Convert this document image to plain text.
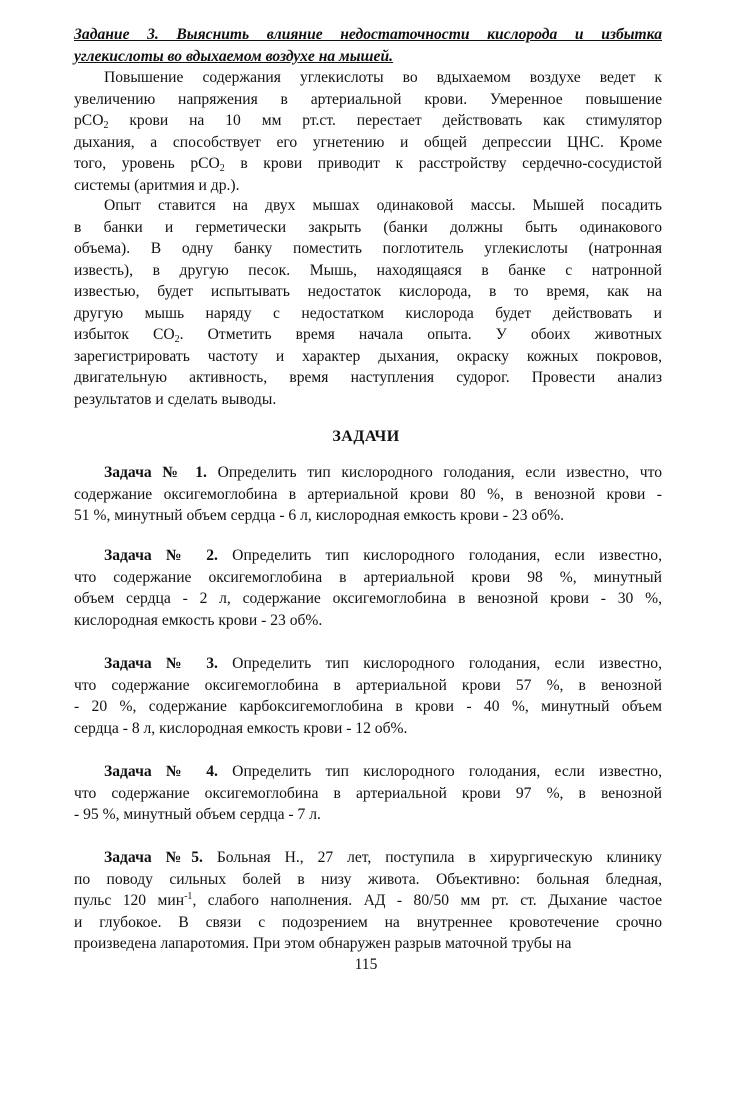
Задание 3. Выяснить влияние недостаточности кислорода и избытка
углекислоты во вдыхаемом воздухе на мышей.
Повышение содержания углекислоты во вдыхаемом воздухе ведет к
увеличению напряжения в артериальной крови. Умеренное повышение
pCO$_2$ крови на 10 мм рт.ст. перестает действовать как стимулятор
дыхания, а способствует его угнетению и общей депрессии ЦНС. Кроме
того, уровень pCO$_2$ в крови приводит к расстройству сердечно-сосудистой
системы (аритмия и др.).
Опыт ставится на двух мышах одинаковой массы. Мышей посадить
в банки и герметически закрыть (банки должны быть одинакового
объема). В одну банку поместить поглотитель углекислоты (натронная
известь), в другую песок. Мышь, находящаяся в банке с натронной
известью, будет испытывать недостаток кислорода, в то время, как на
другую мышь наряду с недостатком кислорода будет действовать и
избыток $CO_2$. Отметить время начала опыта. У обоих животных
зарегистрировать частоту и характер дыхания, окраску кожных покровов,
двигательную активность, время наступления судорог. Провести анализ
результатов и сделать выводы.
ЗАДАЧИ
Задача № 1. Определить тип кислородного голодания, если известно, что
содержание оксигемоглобина в артериальной крови 80 %, в венозной крови -
51 %, минутный объем сердца - 6 л, кислородная емкость крови - 23 об%.
Задача № 2. Определить тип кислородного голодания, если известно,
что содержание оксигемоглобина в артериальной крови 98 %, минутный
объем сердца - 2 л, содержание оксигемоглобина в венозной крови - 30 %,
кислородная емкость крови - 23 об%.
Задача № 3. Определить тип кислородного голодания, если известно,
что содержание оксигемоглобина в артериальной крови 57 %, в венозной
- 20 %, содержание карбоксигемоглобина в крови - 40 %, минутный объем
сердца - 8 л, кислородная емкость крови - 12 об%.
Задача № 4. Определить тип кислородного голодания, если известно,
что содержание оксигемоглобина в артериальной крови 97 %, в венозной
- 95 %, минутный объем сердца - 7 л.
Задача №5. Больная Н., 27 лет, поступила в хирургическую клинику
по поводу сильных болей в низу живота. Объективно: больная бледная,
пульс 120 мин$^{-1}$, слабого наполнения. АД - 80/50 мм рт. ст. Дыхание частое
и глубокое. В связи с подозрением на внутреннее кровотечение срочно
произведена лапаротомия. При этом обнаружен разрыв маточной трубы на
115
